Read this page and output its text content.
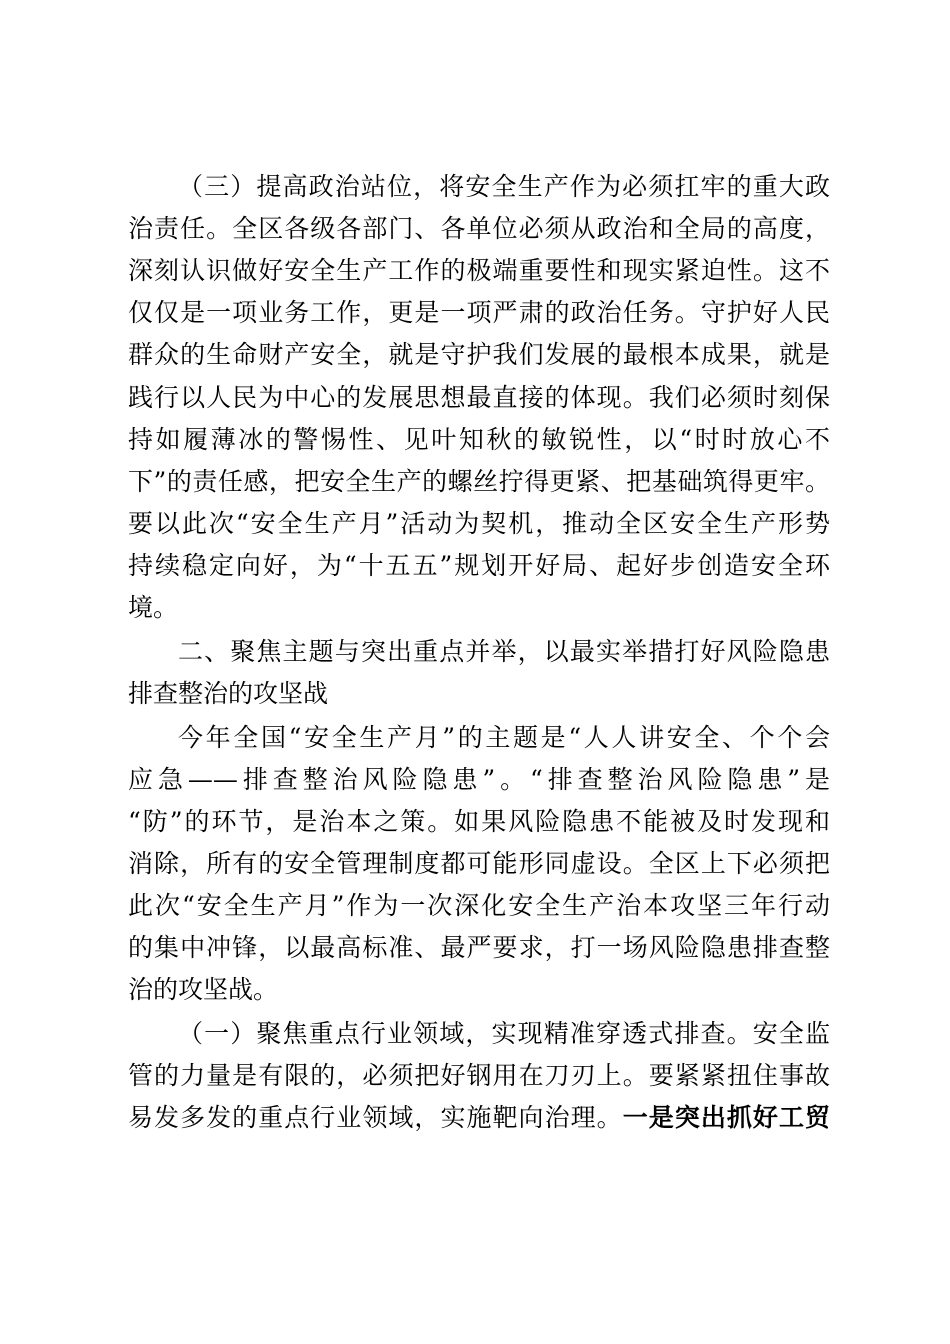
（三）提高政治站位，将安全生产作为必须扛牢的重大政
治责任。全区各级各部门、各单位必须从政治和全局的高度，
深刻认识做好安全生产工作的极端重要性和现实紧迫性。这不
仅仅是一项业务工作，更是一项严肃的政治任务。守护好人民
群众的生命财产安全，就是守护我们发展的最根本成果，就是
践行以人民为中心的发展思想最直接的体现。我们必须时刻保
持如履薄冰的警惕性、见叶知秋的敏锐性，以“时时放心不
下”的责任感，把安全生产的螺丝拧得更紧、把基础筑得更牢。
要以此次“安全生产月”活动为契机，推动全区安全生产形势
持续稳定向好，为“十五五”规划开好局、起好步创造安全环
境。
二、聚焦主题与突出重点并举，以最实举措打好风险隐患
排查整治的攻坚战
今年全国“安全生产月”的主题是“人人讲安全、个个会
应急——排查整治风险隐患”。“排查整治风险隐患”是
“防”的环节，是治本之策。如果风险隐患不能被及时发现和
消除，所有的安全管理制度都可能形同虚设。全区上下必须把
此次“安全生产月”作为一次深化安全生产治本攻坚三年行动
的集中冲锋，以最高标准、最严要求，打一场风险隐患排查整
治的攻坚战。
（一）聚焦重点行业领域，实现精准穿透式排查。安全监
管的力量是有限的，必须把好钢用在刀刃上。要紧紧扭住事故
易发多发的重点行业领域，实施靶向治理。一是突出抓好工贸
